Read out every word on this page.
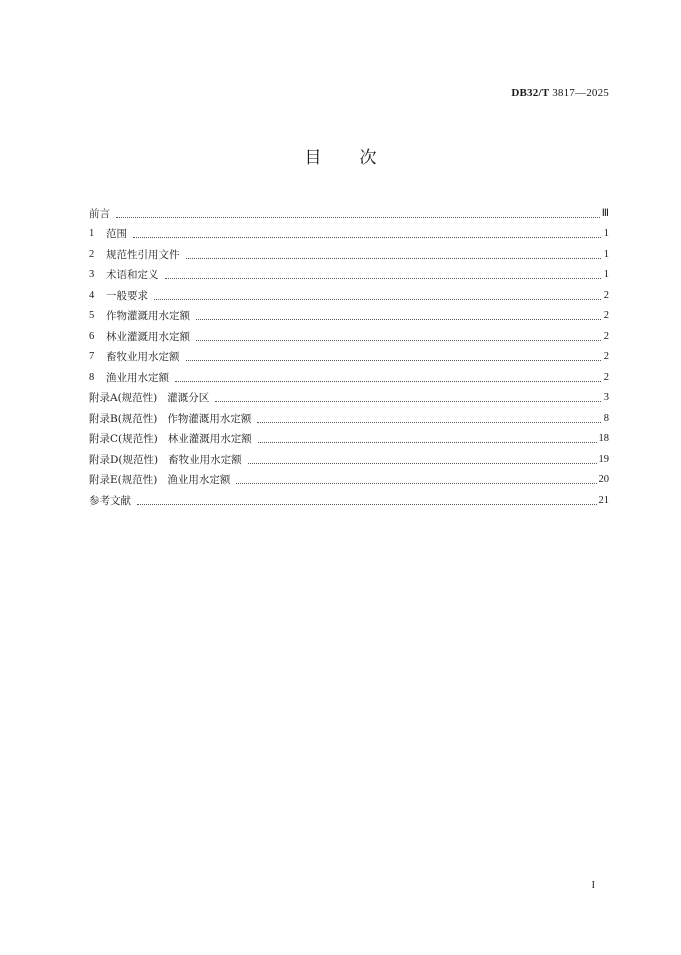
DB32/T 3817—2025
目 次
前言	Ⅲ
1	范围	1
2	规范性引用文件	1
3	术语和定义	1
4	一般要求	2
5	作物灌溉用水定额	2
6	林业灌溉用水定额	2
7	畜牧业用水定额	2
8	渔业用水定额	2
附录A(规范性) 灌溉分区	3
附录B(规范性) 作物灌溉用水定额	8
附录C(规范性) 林业灌溉用水定额	18
附录D(规范性) 畜牧业用水定额	19
附录E(规范性) 渔业用水定额	20
参考文献	21
I
